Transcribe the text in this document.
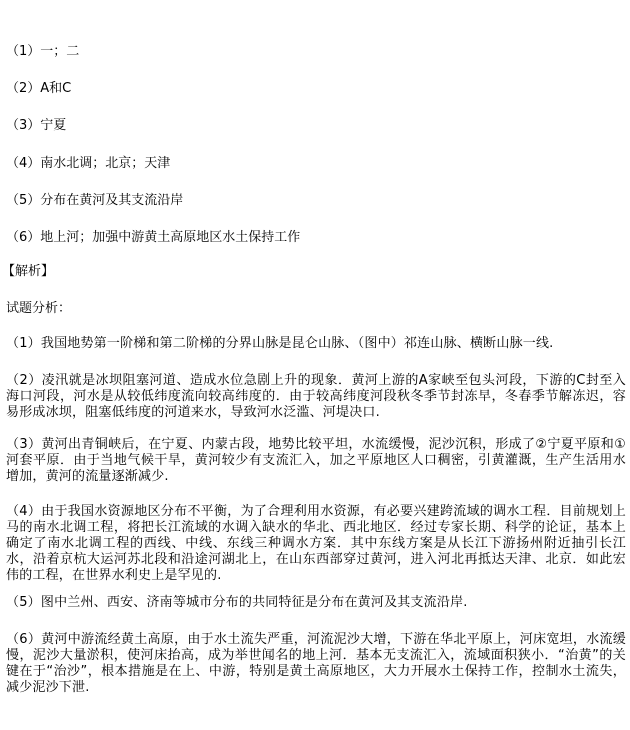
（1）一；二
（2）A和C
（3）宁夏
（4）南水北调；北京；天津
（5）分布在黄河及其支流沿岸
（6）地上河；加强中游黄土高原地区水土保持工作
【解析】
试题分析：
（1）我国地势第一阶梯和第二阶梯的分界山脉是昆仑山脉、（图中）祁连山脉、横断山脉一线.
（2）凌汛就是冰坝阻塞河道、造成水位急剧上升的现象．黄河上游的A家峡至包头河段，下游的C封至入海口河段，河水是从较低纬度流向较高纬度的．由于较高纬度河段秋冬季节封冻早，冬春季节解冻迟，容易形成冰坝，阻塞低纬度的河道来水，导致河水泛滥、河堤决口.
（3）黄河出青铜峡后，在宁夏、内蒙古段，地势比较平坦，水流缓慢，泥沙沉积，形成了②宁夏平原和①河套平原．由于当地气候干旱，黄河较少有支流汇入，加之平原地区人口稠密，引黄灌溉，生产生活用水增加，黄河的流量逐渐减少.
（4）由于我国水资源地区分布不平衡，为了合理利用水资源，有必要兴建跨流域的调水工程．目前规划上马的南水北调工程，将把长江流域的水调入缺水的华北、西北地区．经过专家长期、科学的论证，基本上确定了南水北调工程的西线、中线、东线三种调水方案．其中东线方案是从长江下游扬州附近抽引长江水，沿着京杭大运河苏北段和沿途河湖北上，在山东西部穿过黄河，进入河北再抵达天津、北京．如此宏伟的工程，在世界水利史上是罕见的.
（5）图中兰州、西安、济南等城市分布的共同特征是分布在黄河及其支流沿岸.
（6）黄河中游流经黄土高原，由于水土流失严重，河流泥沙大增，下游在华北平原上，河床宽坦，水流缓慢，泥沙大量淤积，使河床抬高，成为举世闻名的地上河．基本无支流汇入，流域面积狭小．“治黄”的关键在于“治沙”，根本措施是在上、中游，特别是黄土高原地区，大力开展水土保持工作，控制水土流失，减少泥沙下泄.
